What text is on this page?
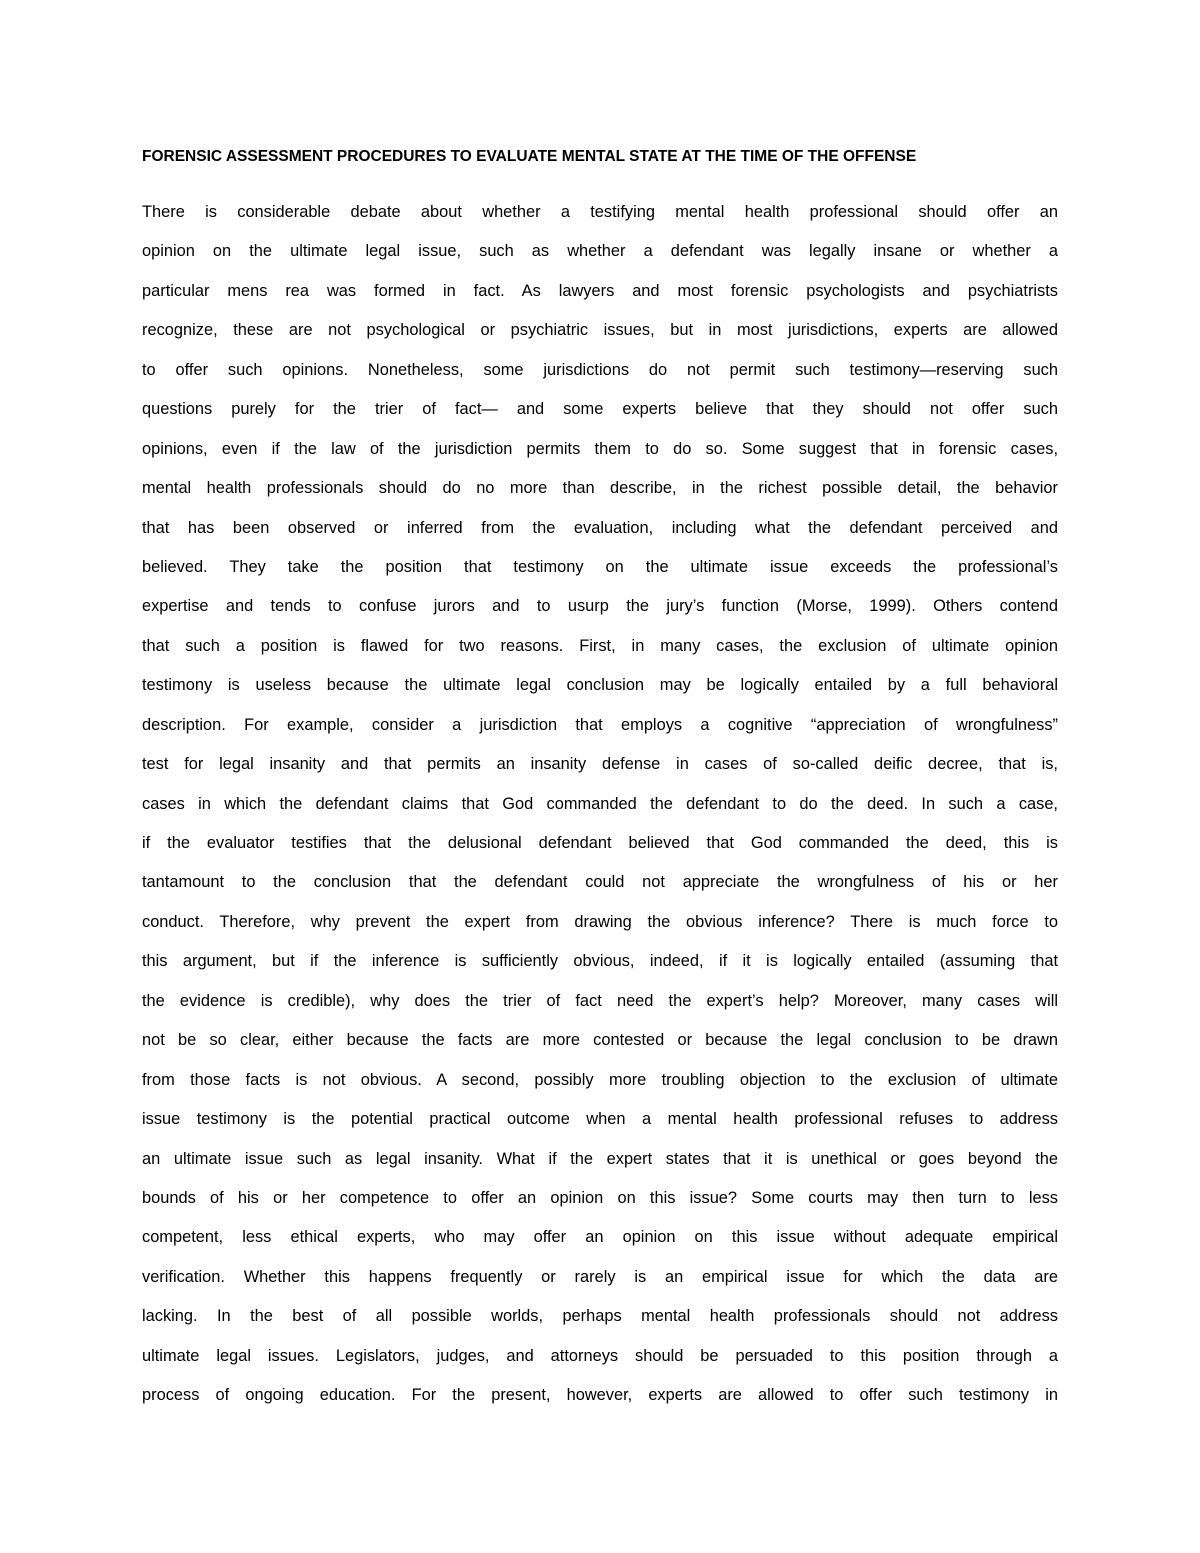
FORENSIC ASSESSMENT PROCEDURES TO EVALUATE MENTAL STATE AT THE TIME OF THE OFFENSE
There is considerable debate about whether a testifying mental health professional should offer an
opinion on the ultimate legal issue, such as whether a defendant was legally insane or whether a
particular mens rea was formed in fact. As lawyers and most forensic psychologists and psychiatrists
recognize, these are not psychological or psychiatric issues, but in most jurisdictions, experts are allowed
to offer such opinions. Nonetheless, some jurisdictions do not permit such testimony—reserving such
questions purely for the trier of fact— and some experts believe that they should not offer such
opinions, even if the law of the jurisdiction permits them to do so. Some suggest that in forensic cases,
mental health professionals should do no more than describe, in the richest possible detail, the behavior
that has been observed or inferred from the evaluation, including what the defendant perceived and
believed. They take the position that testimony on the ultimate issue exceeds the professional’s
expertise and tends to confuse jurors and to usurp the jury’s function (Morse, 1999). Others contend
that such a position is flawed for two reasons. First, in many cases, the exclusion of ultimate opinion
testimony is useless because the ultimate legal conclusion may be logically entailed by a full behavioral
description. For example, consider a jurisdiction that employs a cognitive “appreciation of wrongfulness”
test for legal insanity and that permits an insanity defense in cases of so-called deific decree, that is,
cases in which the defendant claims that God commanded the defendant to do the deed. In such a case,
if the evaluator testifies that the delusional defendant believed that God commanded the deed, this is
tantamount to the conclusion that the defendant could not appreciate the wrongfulness of his or her
conduct. Therefore, why prevent the expert from drawing the obvious inference? There is much force to
this argument, but if the inference is sufficiently obvious, indeed, if it is logically entailed (assuming that
the evidence is credible), why does the trier of fact need the expert’s help? Moreover, many cases will
not be so clear, either because the facts are more contested or because the legal conclusion to be drawn
from those facts is not obvious. A second, possibly more troubling objection to the exclusion of ultimate
issue testimony is the potential practical outcome when a mental health professional refuses to address
an ultimate issue such as legal insanity. What if the expert states that it is unethical or goes beyond the
bounds of his or her competence to offer an opinion on this issue? Some courts may then turn to less
competent, less ethical experts, who may offer an opinion on this issue without adequate empirical
verification. Whether this happens frequently or rarely is an empirical issue for which the data are
lacking. In the best of all possible worlds, perhaps mental health professionals should not address
ultimate legal issues. Legislators, judges, and attorneys should be persuaded to this position through a
process of ongoing education. For the present, however, experts are allowed to offer such testimony in
